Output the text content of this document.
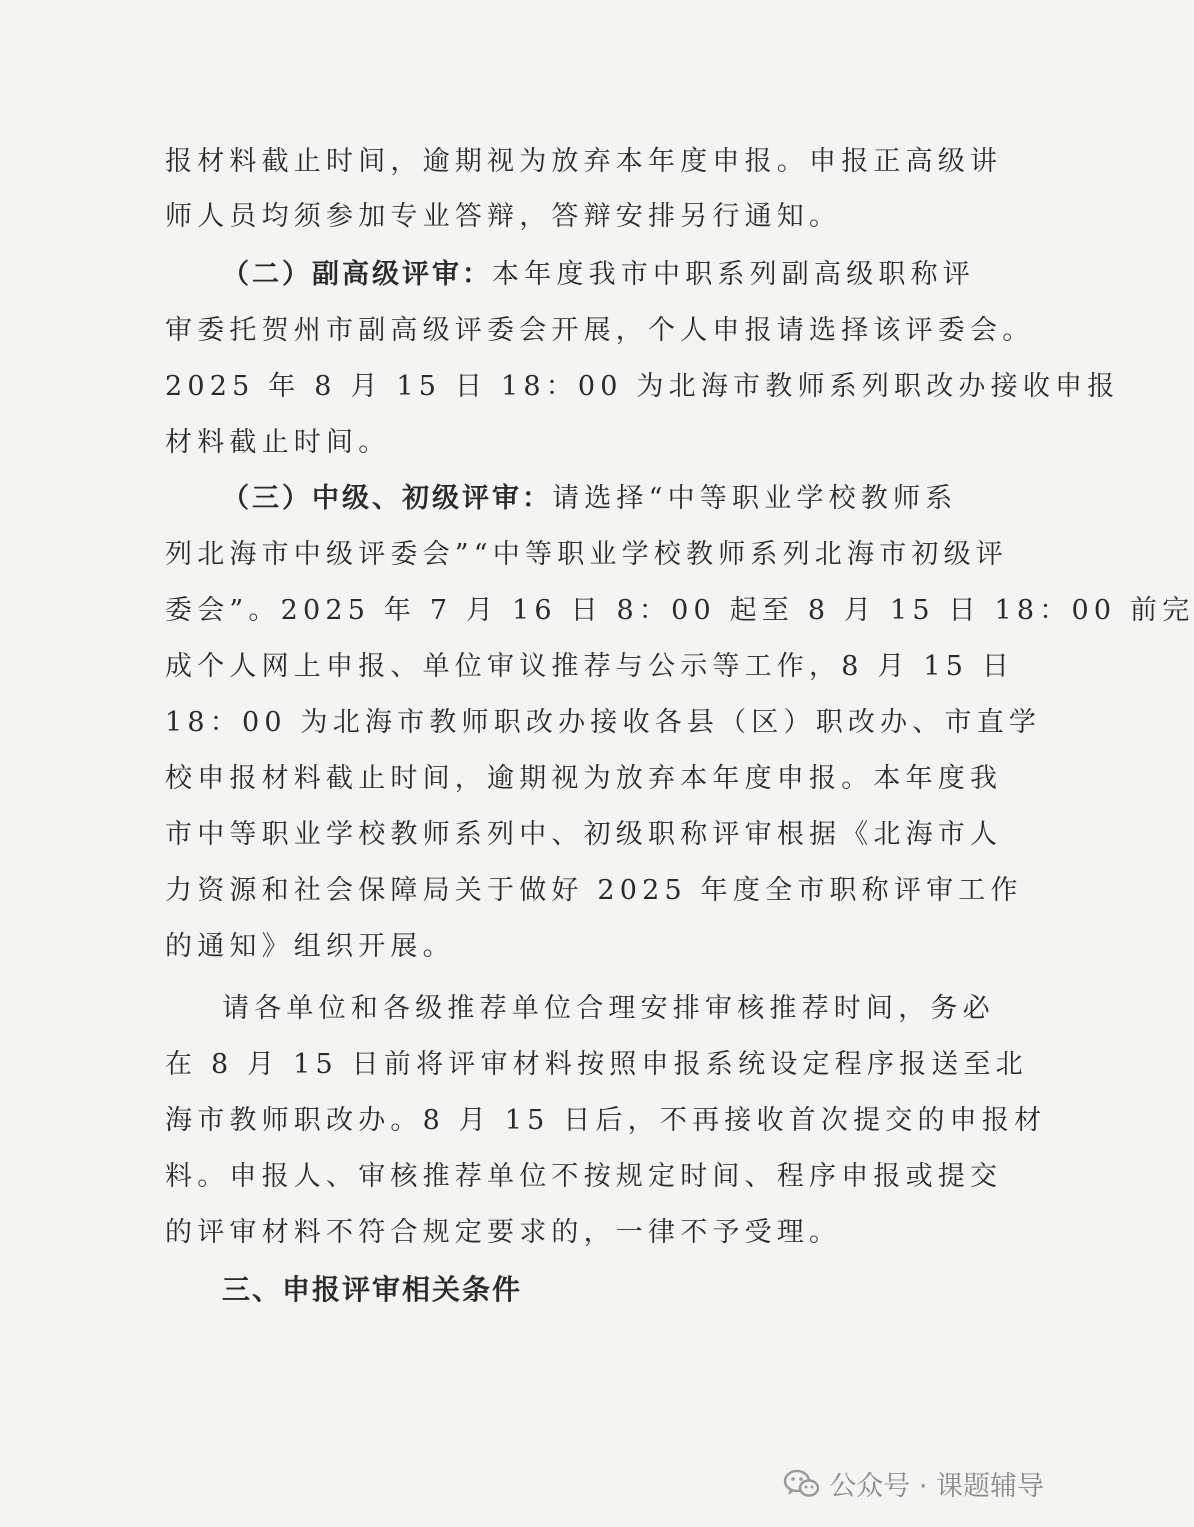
报材料截止时间，逾期视为放弃本年度申报。申报正高级讲
师人员均须参加专业答辩，答辩安排另行通知。
（二）副高级评审：本年度我市中职系列副高级职称评
审委托贺州市副高级评委会开展，个人申报请选择该评委会。
2025 年 8 月 15 日 18：00 为北海市教师系列职改办接收申报
材料截止时间。
（三）中级、初级评审：请选择“中等职业学校教师系
列北海市中级评委会”“中等职业学校教师系列北海市初级评
委会”。2025 年 7 月 16 日 8：00 起至 8 月 15 日 18：00 前完
成个人网上申报、单位审议推荐与公示等工作，8 月 15 日
18：00 为北海市教师职改办接收各县（区）职改办、市直学
校申报材料截止时间，逾期视为放弃本年度申报。本年度我
市中等职业学校教师系列中、初级职称评审根据《北海市人
力资源和社会保障局关于做好 2025 年度全市职称评审工作
的通知》组织开展。
请各单位和各级推荐单位合理安排审核推荐时间，务必
在 8 月 15 日前将评审材料按照申报系统设定程序报送至北
海市教师职改办。8 月 15 日后，不再接收首次提交的申报材
料。申报人、审核推荐单位不按规定时间、程序申报或提交
的评审材料不符合规定要求的，一律不予受理。
三、申报评审相关条件
公众号 · 课题辅导
